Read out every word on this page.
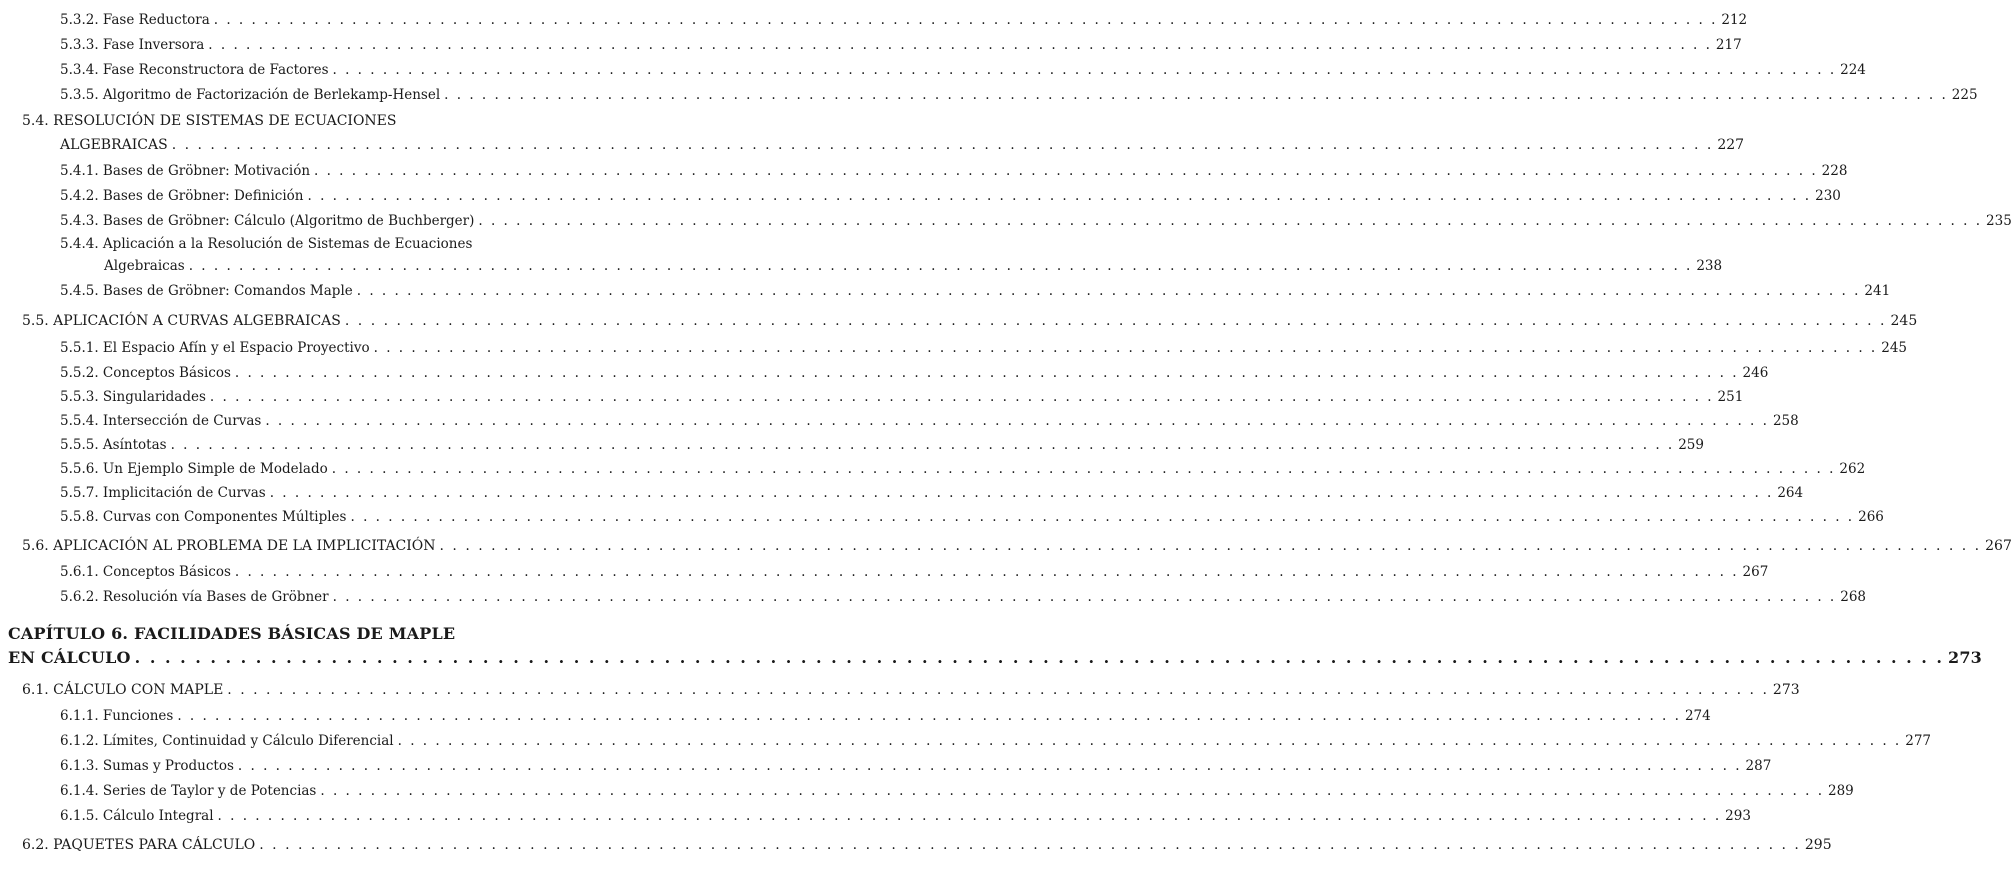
5.3.2. Fase Reductora . . . . . . . . . . . . . . . . . . . . . . . . . . . . . . . . . . . . . . . . . . . . . . . . . . . . . . . . . . . . . . . . . . . . . . . . . . . . . . . . . . . . . . . . . . . . . . . . . . . . . . . . . . . . . . . . . . . . . . . . 212
5.3.3. Fase Inversora . . . . . . . . . . . . . . . . . . . . . . . . . . . . . . . . . . . . . . . . . . . . . . . . . . . . . . . . . . . . . . . . . . . . . . . . . . . . . . . . . . . . . . . . . . . . . . . . . . . . . . . . . . . . . . . . . . . . . . . . 217
5.3.4. Fase Reconstructora de Factores . . . . . . . . . . . . . . . . . . . . . . . . . . . . . . . . . . . . . . . . . . . . . . . . . . . . . . . . . . . . . . . . . . . . . . . . . . . . . . . . . . . . . . . . . . . . . . . . . . . . . . . . . . . . . . . . . . . . . . . . 224
5.3.5. Algoritmo de Factorización de Berlekamp-Hensel . . . . . . . . . . . . . . . . . . . . . . . . . . . . . . . . . . . . . . . . . . . . . . . . . . . . . . . . . . . . . . . . . . . . . . . . . . . . . . . . . . . . . . . . . . . . . . . . . . . . . . . . . . . . . . . . . . . . . . . . 225
5.4. RESOLUCIÓN DE SISTEMAS DE ECUACIONES
ALGEBRAICAS . . . . . . . . . . . . . . . . . . . . . . . . . . . . . . . . . . . . . . . . . . . . . . . . . . . . . . . . . . . . . . . . . . . . . . . . . . . . . . . . . . . . . . . . . . . . . . . . . . . . . . . . . . . . . . . . . . . . . . . . 227
5.4.1. Bases de Gröbner: Motivación . . . . . . . . . . . . . . . . . . . . . . . . . . . . . . . . . . . . . . . . . . . . . . . . . . . . . . . . . . . . . . . . . . . . . . . . . . . . . . . . . . . . . . . . . . . . . . . . . . . . . . . . . . . . . . . . . . . . . . . . 228
5.4.2. Bases de Gröbner: Definición . . . . . . . . . . . . . . . . . . . . . . . . . . . . . . . . . . . . . . . . . . . . . . . . . . . . . . . . . . . . . . . . . . . . . . . . . . . . . . . . . . . . . . . . . . . . . . . . . . . . . . . . . . . . . . . . . . . . . . . . 230
5.4.3. Bases de Gröbner: Cálculo (Algoritmo de Buchberger) . . . . . . . . . . . . . . . . . . . . . . . . . . . . . . . . . . . . . . . . . . . . . . . . . . . . . . . . . . . . . . . . . . . . . . . . . . . . . . . . . . . . . . . . . . . . . . . . . . . . . . . . . . . . . . . . . . . . . . . . 235
5.4.4. Aplicación a la Resolución de Sistemas de Ecuaciones
Algebraicas . . . . . . . . . . . . . . . . . . . . . . . . . . . . . . . . . . . . . . . . . . . . . . . . . . . . . . . . . . . . . . . . . . . . . . . . . . . . . . . . . . . . . . . . . . . . . . . . . . . . . . . . . . . . . . . . . . . . . . . . 238
5.4.5. Bases de Gröbner: Comandos Maple . . . . . . . . . . . . . . . . . . . . . . . . . . . . . . . . . . . . . . . . . . . . . . . . . . . . . . . . . . . . . . . . . . . . . . . . . . . . . . . . . . . . . . . . . . . . . . . . . . . . . . . . . . . . . . . . . . . . . . . . 241
5.5. APLICACIÓN A CURVAS ALGEBRAICAS . . . . . . . . . . . . . . . . . . . . . . . . . . . . . . . . . . . . . . . . . . . . . . . . . . . . . . . . . . . . . . . . . . . . . . . . . . . . . . . . . . . . . . . . . . . . . . . . . . . . . . . . . . . . . . . . . . . . . . . . 245
5.5.1. El Espacio Afín y el Espacio Proyectivo . . . . . . . . . . . . . . . . . . . . . . . . . . . . . . . . . . . . . . . . . . . . . . . . . . . . . . . . . . . . . . . . . . . . . . . . . . . . . . . . . . . . . . . . . . . . . . . . . . . . . . . . . . . . . . . . . . . . . . . . 245
5.5.2. Conceptos Básicos . . . . . . . . . . . . . . . . . . . . . . . . . . . . . . . . . . . . . . . . . . . . . . . . . . . . . . . . . . . . . . . . . . . . . . . . . . . . . . . . . . . . . . . . . . . . . . . . . . . . . . . . . . . . . . . . . . . . . . . . 246
5.5.3. Singularidades . . . . . . . . . . . . . . . . . . . . . . . . . . . . . . . . . . . . . . . . . . . . . . . . . . . . . . . . . . . . . . . . . . . . . . . . . . . . . . . . . . . . . . . . . . . . . . . . . . . . . . . . . . . . . . . . . . . . . . . . 251
5.5.4. Intersección de Curvas . . . . . . . . . . . . . . . . . . . . . . . . . . . . . . . . . . . . . . . . . . . . . . . . . . . . . . . . . . . . . . . . . . . . . . . . . . . . . . . . . . . . . . . . . . . . . . . . . . . . . . . . . . . . . . . . . . . . . . . . 258
5.5.5. Asíntotas . . . . . . . . . . . . . . . . . . . . . . . . . . . . . . . . . . . . . . . . . . . . . . . . . . . . . . . . . . . . . . . . . . . . . . . . . . . . . . . . . . . . . . . . . . . . . . . . . . . . . . . . . . . . . . . . . . . . . . . . 259
5.5.6. Un Ejemplo Simple de Modelado . . . . . . . . . . . . . . . . . . . . . . . . . . . . . . . . . . . . . . . . . . . . . . . . . . . . . . . . . . . . . . . . . . . . . . . . . . . . . . . . . . . . . . . . . . . . . . . . . . . . . . . . . . . . . . . . . . . . . . . . 262
5.5.7. Implicitación de Curvas . . . . . . . . . . . . . . . . . . . . . . . . . . . . . . . . . . . . . . . . . . . . . . . . . . . . . . . . . . . . . . . . . . . . . . . . . . . . . . . . . . . . . . . . . . . . . . . . . . . . . . . . . . . . . . . . . . . . . . . . 264
5.5.8. Curvas con Componentes Múltiples . . . . . . . . . . . . . . . . . . . . . . . . . . . . . . . . . . . . . . . . . . . . . . . . . . . . . . . . . . . . . . . . . . . . . . . . . . . . . . . . . . . . . . . . . . . . . . . . . . . . . . . . . . . . . . . . . . . . . . . . 266
5.6. APLICACIÓN AL PROBLEMA DE LA IMPLICITACIÓN . . . . . . . . . . . . . . . . . . . . . . . . . . . . . . . . . . . . . . . . . . . . . . . . . . . . . . . . . . . . . . . . . . . . . . . . . . . . . . . . . . . . . . . . . . . . . . . . . . . . . . . . . . . . . . . . . . . . . . . . 267
5.6.1. Conceptos Básicos . . . . . . . . . . . . . . . . . . . . . . . . . . . . . . . . . . . . . . . . . . . . . . . . . . . . . . . . . . . . . . . . . . . . . . . . . . . . . . . . . . . . . . . . . . . . . . . . . . . . . . . . . . . . . . . . . . . . . . . . 267
5.6.2. Resolución vía Bases de Gröbner . . . . . . . . . . . . . . . . . . . . . . . . . . . . . . . . . . . . . . . . . . . . . . . . . . . . . . . . . . . . . . . . . . . . . . . . . . . . . . . . . . . . . . . . . . . . . . . . . . . . . . . . . . . . . . . . . . . . . . . . 268
CAPÍTULO 6. FACILIDADES BÁSICAS DE MAPLE
EN CÁLCULO . . . . . . . . . . . . . . . . . . . . . . . . . . . . . . . . . . . . . . . . . . . . . . . . . . . . . . . . . . . . . . . . . . . . . . . . . . . . . . . . . . . . . . . . . . . . . . . . . . . . . . . . . . . . . . . . . . . . . . . . 273
6.1. CÁLCULO CON MAPLE . . . . . . . . . . . . . . . . . . . . . . . . . . . . . . . . . . . . . . . . . . . . . . . . . . . . . . . . . . . . . . . . . . . . . . . . . . . . . . . . . . . . . . . . . . . . . . . . . . . . . . . . . . . . . . . . . . . . . . . . 273
6.1.1. Funciones . . . . . . . . . . . . . . . . . . . . . . . . . . . . . . . . . . . . . . . . . . . . . . . . . . . . . . . . . . . . . . . . . . . . . . . . . . . . . . . . . . . . . . . . . . . . . . . . . . . . . . . . . . . . . . . . . . . . . . . . 274
6.1.2. Límites, Continuidad y Cálculo Diferencial . . . . . . . . . . . . . . . . . . . . . . . . . . . . . . . . . . . . . . . . . . . . . . . . . . . . . . . . . . . . . . . . . . . . . . . . . . . . . . . . . . . . . . . . . . . . . . . . . . . . . . . . . . . . . . . . . . . . . . . . 277
6.1.3. Sumas y Productos . . . . . . . . . . . . . . . . . . . . . . . . . . . . . . . . . . . . . . . . . . . . . . . . . . . . . . . . . . . . . . . . . . . . . . . . . . . . . . . . . . . . . . . . . . . . . . . . . . . . . . . . . . . . . . . . . . . . . . . . 287
6.1.4. Series de Taylor y de Potencias . . . . . . . . . . . . . . . . . . . . . . . . . . . . . . . . . . . . . . . . . . . . . . . . . . . . . . . . . . . . . . . . . . . . . . . . . . . . . . . . . . . . . . . . . . . . . . . . . . . . . . . . . . . . . . . . . . . . . . . . 289
6.1.5. Cálculo Integral . . . . . . . . . . . . . . . . . . . . . . . . . . . . . . . . . . . . . . . . . . . . . . . . . . . . . . . . . . . . . . . . . . . . . . . . . . . . . . . . . . . . . . . . . . . . . . . . . . . . . . . . . . . . . . . . . . . . . . . . 293
6.2. PAQUETES PARA CÁLCULO . . . . . . . . . . . . . . . . . . . . . . . . . . . . . . . . . . . . . . . . . . . . . . . . . . . . . . . . . . . . . . . . . . . . . . . . . . . . . . . . . . . . . . . . . . . . . . . . . . . . . . . . . . . . . . . . . . . . . . . . 295
